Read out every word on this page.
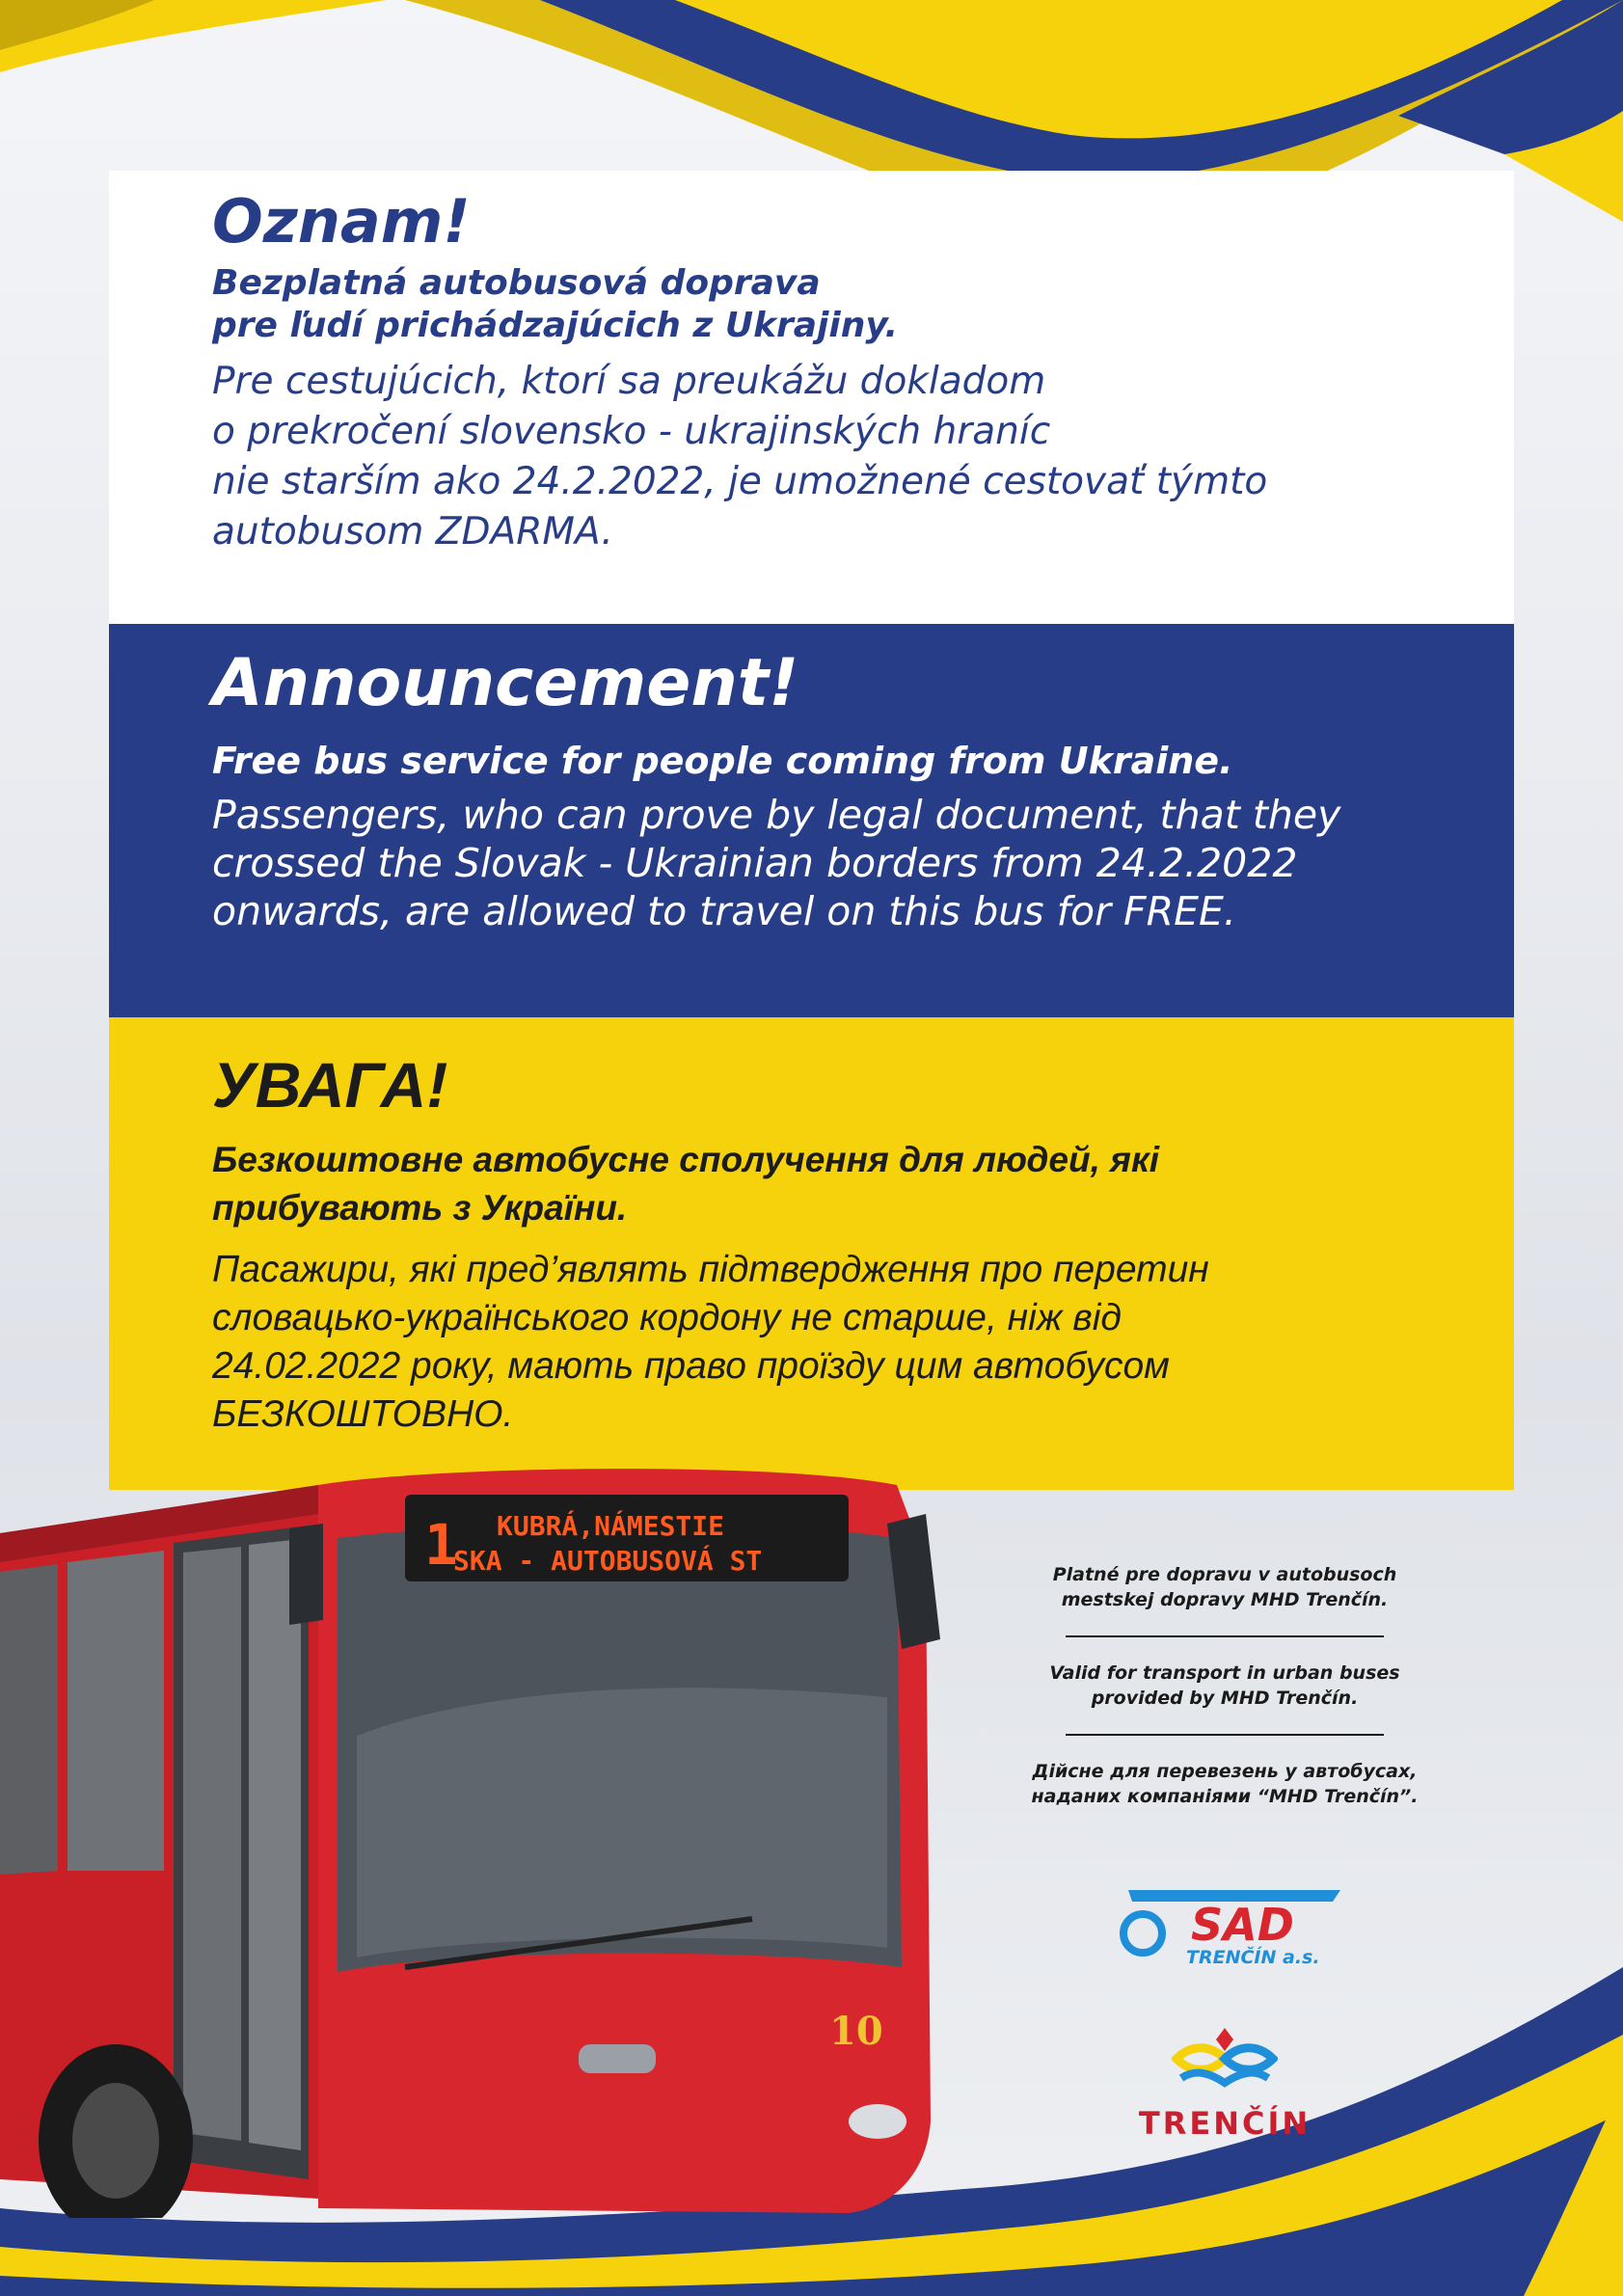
Oznam!

Bezplatná autobusová doprava
pre ľudí prichádzajúcich z Ukrajiny.

Pre cestujúcich, ktorí sa preukážu dokladom
o prekročení slovensko - ukrajinských hraníc
nie starším ako 24.2.2022, je umožnené cestovať týmto
autobusom ZDARMA.

Announcement!

Free bus service for people coming from Ukraine.

Passengers, who can prove by legal document, that they
crossed the Slovak - Ukrainian borders from 24.2.2022
onwards, are allowed to travel on this bus for FREE.

УВАГА!

Безкоштовне автобусне сполучення для людей, які
прибувають з України.

Пасажири, які пред’являть підтвердження про перетин
словацько-українського кордону не старше, ніж від
24.02.2022 року, мають право проїзду цим автобусом
БЕЗКОШТОВНО.

1 KUBRÁ,NÁMESTIE
SKA - AUTOBUSOVÁ ST
10

Platné pre dopravu v autobusoch
mestskej dopravy MHD Trenčín.

Valid for transport in urban buses
provided by MHD Trenčín.

Дійсне для перевезень у автобусах,
наданих компаніями “MHD Trenčín”.

SAD
TRENČÍN a.s.
TRENČÍN
